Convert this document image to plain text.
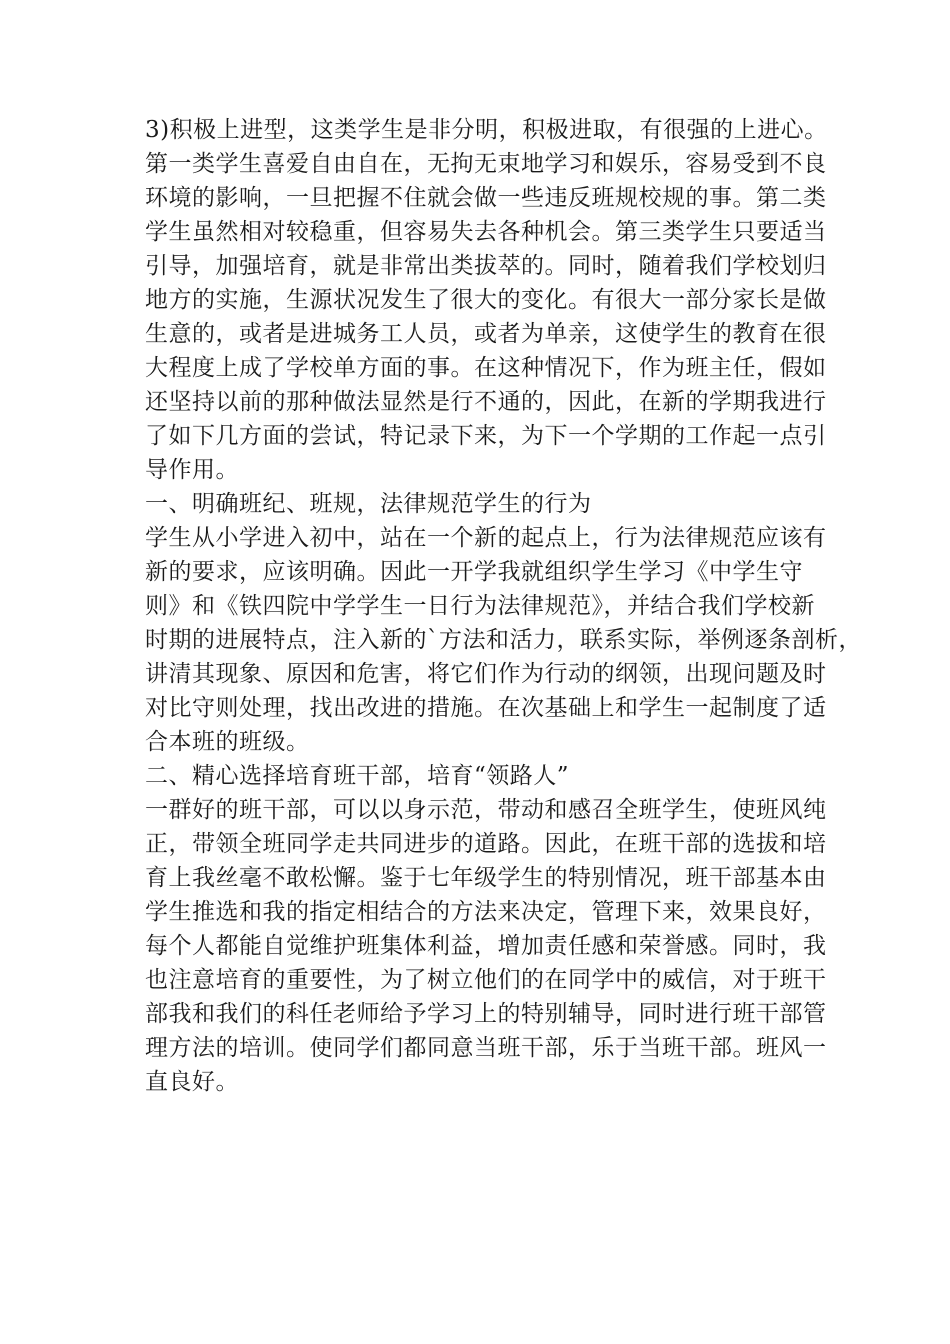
3)积极上进型，这类学生是非分明，积极进取，有很强的上进心。
第一类学生喜爱自由自在，无拘无束地学习和娱乐，容易受到不良
环境的影响，一旦把握不住就会做一些违反班规校规的事。第二类
学生虽然相对较稳重，但容易失去各种机会。第三类学生只要适当
引导，加强培育，就是非常出类拔萃的。同时，随着我们学校划归
地方的实施，生源状况发生了很大的变化。有很大一部分家长是做
生意的，或者是进城务工人员，或者为单亲，这使学生的教育在很
大程度上成了学校单方面的事。在这种情况下，作为班主任，假如
还坚持以前的那种做法显然是行不通的，因此，在新的学期我进行
了如下几方面的尝试，特记录下来，为下一个学期的工作起一点引
导作用。
一、明确班纪、班规，法律规范学生的行为
学生从小学进入初中，站在一个新的起点上，行为法律规范应该有
新的要求，应该明确。因此一开学我就组织学生学习《中学生守
则》和《铁四院中学学生一日行为法律规范》，并结合我们学校新
时期的进展特点，注入新的`方法和活力，联系实际，举例逐条剖析，
讲清其现象、原因和危害，将它们作为行动的纲领，出现问题及时
对比守则处理，找出改进的措施。在次基础上和学生一起制度了适
合本班的班级。
二、精心选择培育班干部，培育“领路人”
一群好的班干部，可以以身示范，带动和感召全班学生，使班风纯
正，带领全班同学走共同进步的道路。因此，在班干部的选拔和培
育上我丝毫不敢松懈。鉴于七年级学生的特别情况，班干部基本由
学生推选和我的指定相结合的方法来决定，管理下来，效果良好，
每个人都能自觉维护班集体利益，增加责任感和荣誉感。同时，我
也注意培育的重要性，为了树立他们的在同学中的威信，对于班干
部我和我们的科任老师给予学习上的特别辅导，同时进行班干部管
理方法的培训。使同学们都同意当班干部，乐于当班干部。班风一
直良好。
